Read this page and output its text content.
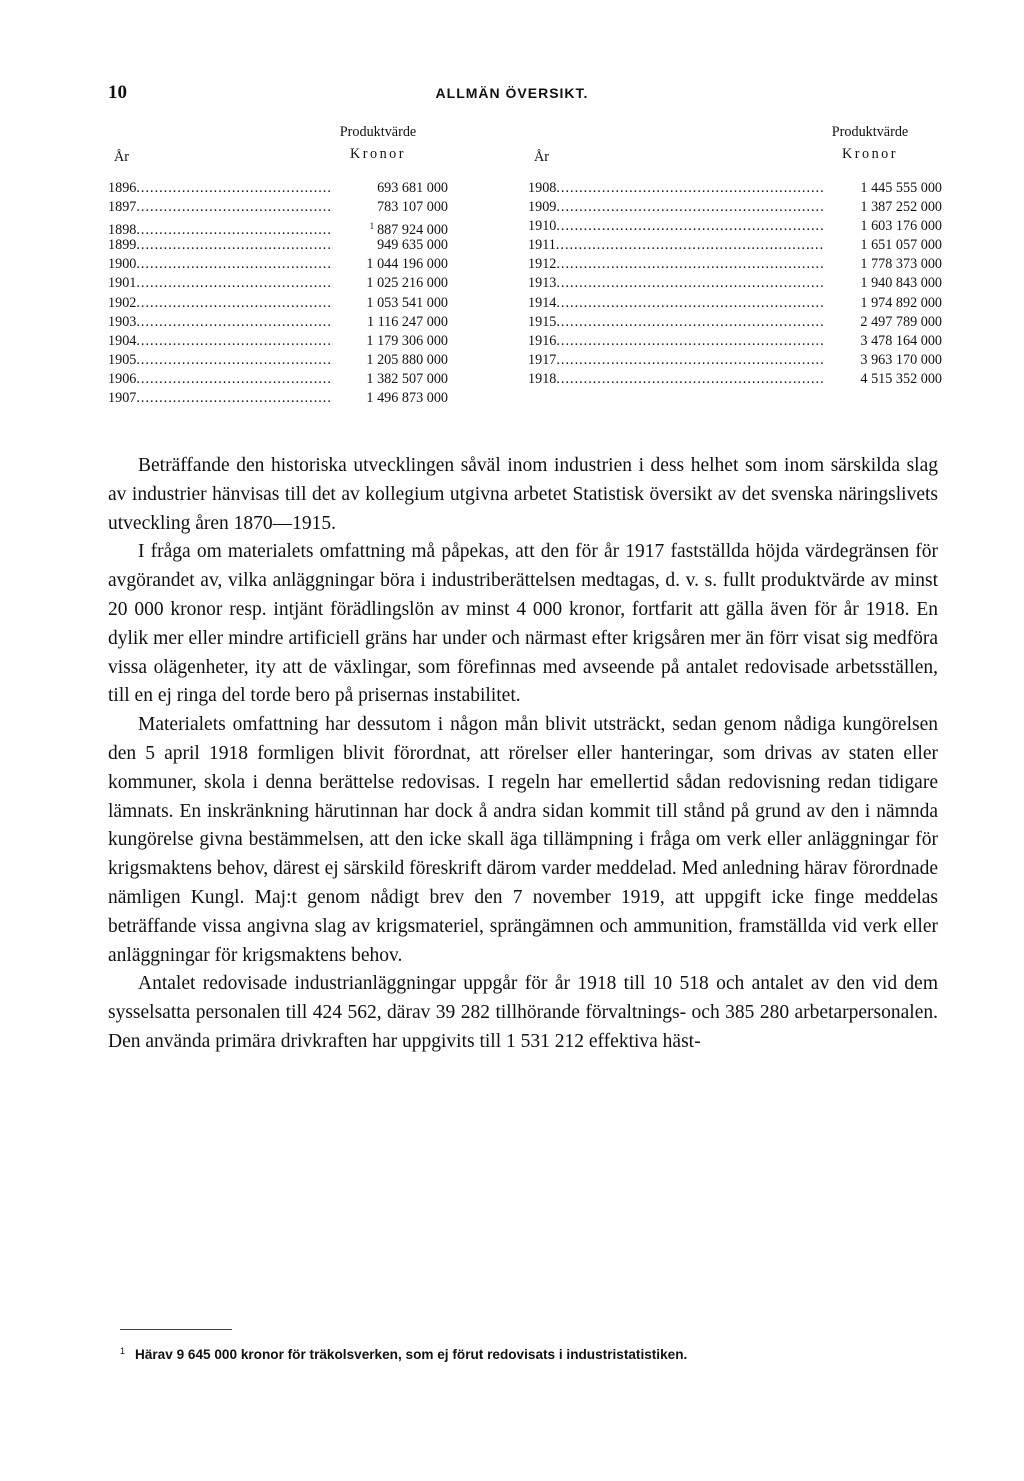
10	ALLMÄN ÖVERSIKT.
Produktvärde
År	Kronor
1896 .....	693 681 000
1897 .....	783 107 000
1898 .....	$^1$ 887 924 000
1899 .....	949 635 000
1900 .....	1 044 196 000
1901 .....	1 025 216 000
1902 .....	1 053 541 000
1903 .....	1 116 247 000
1904 .....	1 179 306 000
1905 .....	1 205 880 000
1906 .....	1 382 507 000
1907 .....	1 496 873 000
Produktvärde
År	Kronor
1908 .....	1 445 555 000
1909 .....	1 387 252 000
1910 .....	1 603 176 000
1911 .....	1 651 057 000
1912 .....	1 778 373 000
1913 .....	1 940 843 000
1914 .....	1 974 892 000
1915 .....	2 497 789 000
1916 .....	3 478 164 000
1917 .....	3 963 170 000
1918 .....	4 515 352 000

Beträffande den historiska utvecklingen såväl inom industrien i dess helhet som inom särskilda slag av industrier hänvisas till det av kollegium utgivna arbetet Statistisk översikt av det svenska näringslivets utveckling åren 1870—1915.

I fråga om materialets omfattning må påpekas, att den för år 1917 fastställda höjda värdegränsen för avgörandet av, vilka anläggningar böra i industriberättelsen medtagas, d. v. s. fullt produktvärde av minst 20 000 kronor resp. intjänt förädlingslön av minst 4 000 kronor, fortfarit att gälla även för år 1918. En dylik mer eller mindre artificiell gräns har under och närmast efter krigsåren mer än förr visat sig medföra vissa olägenheter, ity att de växlingar, som förefinnas med avseende på antalet redovisade arbetsställen, till en ej ringa del torde bero på prisernas instabilitet.

Materialets omfattning har dessutom i någon mån blivit utsträckt, sedan genom nådiga kungörelsen den 5 april 1918 formligen blivit förordnat, att rörelser eller hanteringar, som drivas av staten eller kommuner, skola i denna berättelse redovisas. I regeln har emellertid sådan redovisning redan tidigare lämnats. En inskränkning härutinnan har dock å andra sidan kommit till stånd på grund av den i nämnda kungörelse givna bestämmelsen, att den icke skall äga tillämpning i fråga om verk eller anläggningar för krigsmaktens behov, därest ej särskild föreskrift därom varder meddelad. Med anledning härav förordnade nämligen Kungl. Maj:t genom nådigt brev den 7 november 1919, att uppgift icke finge meddelas beträffande vissa angivna slag av krigsmateriel, sprängämnen och ammunition, framställda vid verk eller anläggningar för krigsmaktens behov.

Antalet redovisade industrianläggningar uppgår för år 1918 till 10 518 och antalet av den vid dem sysselsatta personalen till 424 562, därav 39 282 tillhörande förvaltnings- och 385 280 arbetarpersonalen. Den använda primära drivkraften har uppgivits till 1 531 212 effektiva häst-

$^1$ Härav 9 645 000 kronor för träkolsverken, som ej förut redovisats i industristatistiken.
